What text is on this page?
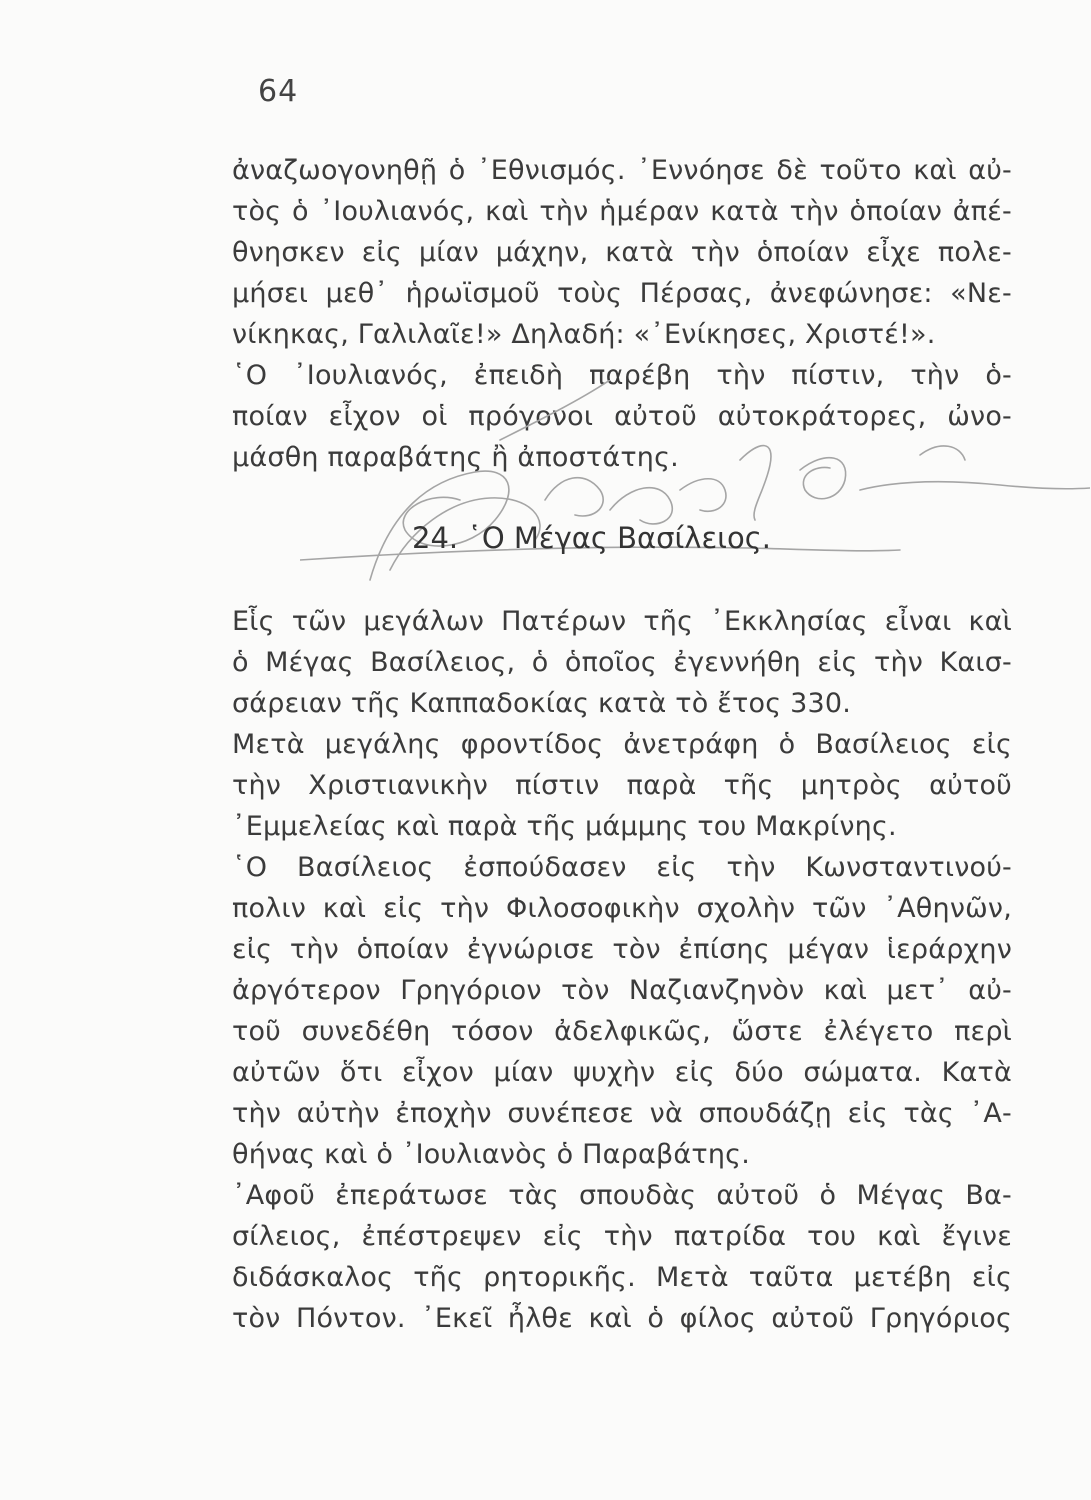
64
ἀναζωογονηθῇ ὁ ᾿Εθνισμός. ᾿Εννόησε δὲ τοῦτο καὶ αὐ-
τὸς ὁ ᾿Ιουλιανός, καὶ τὴν ἡμέραν κατὰ τὴν ὁποίαν ἀπέ-
θνησκεν εἰς μίαν μάχην, κατὰ τὴν ὁποίαν εἶχε πολε-
μήσει μεθ᾿ ἡρωϊσμοῦ τοὺς Πέρσας, ἀνεφώνησε: «Νε-
νίκηκας, Γαλιλαῖε!» Δηλαδή: «᾿Ενίκησες, Χριστέ!».
῾Ο ᾿Ιουλιανός, ἐπειδὴ παρέβη τὴν πίστιν, τὴν ὁ-
ποίαν εἶχον οἱ πρόγονοι αὐτοῦ αὐτοκράτορες, ὠνο-
μάσθη παραβάτης ἢ ἀποστάτης.
24. ῾Ο Μέγας Βασίλειος.
Εἷς τῶν μεγάλων Πατέρων τῆς ᾿Εκκλησίας εἶναι καὶ
ὁ Μέγας Βασίλειος, ὁ ὁποῖος ἐγεννήθη εἰς τὴν Καισ-
σάρειαν τῆς Καππαδοκίας κατὰ τὸ ἔτος 330.
Μετὰ μεγάλης φροντίδος ἀνετράφη ὁ Βασίλειος εἰς
τὴν Χριστιανικὴν πίστιν παρὰ τῆς μητρὸς αὐτοῦ
᾿Εμμελείας καὶ παρὰ τῆς μάμμης του Μακρίνης.
῾Ο Βασίλειος ἐσπούδασεν εἰς τὴν Κωνσταντινού-
πολιν καὶ εἰς τὴν Φιλοσοφικὴν σχολὴν τῶν ᾿Αθηνῶν,
εἰς τὴν ὁποίαν ἐγνώρισε τὸν ἐπίσης μέγαν ἱεράρχην
ἀργότερον Γρηγόριον τὸν Ναζιανζηνὸν καὶ μετ᾿ αὐ-
τοῦ συνεδέθη τόσον ἀδελφικῶς, ὥστε ἐλέγετο περὶ
αὐτῶν ὅτι εἶχον μίαν ψυχὴν εἰς δύο σώματα. Κατὰ
τὴν αὐτὴν ἐποχὴν συνέπεσε νὰ σπουδάζῃ εἰς τὰς ᾿Α-
θήνας καὶ ὁ ᾿Ιουλιανὸς ὁ Παραβάτης.
᾿Αφοῦ ἐπεράτωσε τὰς σπουδὰς αὐτοῦ ὁ Μέγας Βα-
σίλειος, ἐπέστρεψεν εἰς τὴν πατρίδα του καὶ ἔγινε
διδάσκαλος τῆς ρητορικῆς. Μετὰ ταῦτα μετέβη εἰς
τὸν Πόντον. ᾿Εκεῖ ἦλθε καὶ ὁ φίλος αὐτοῦ Γρηγόριος
